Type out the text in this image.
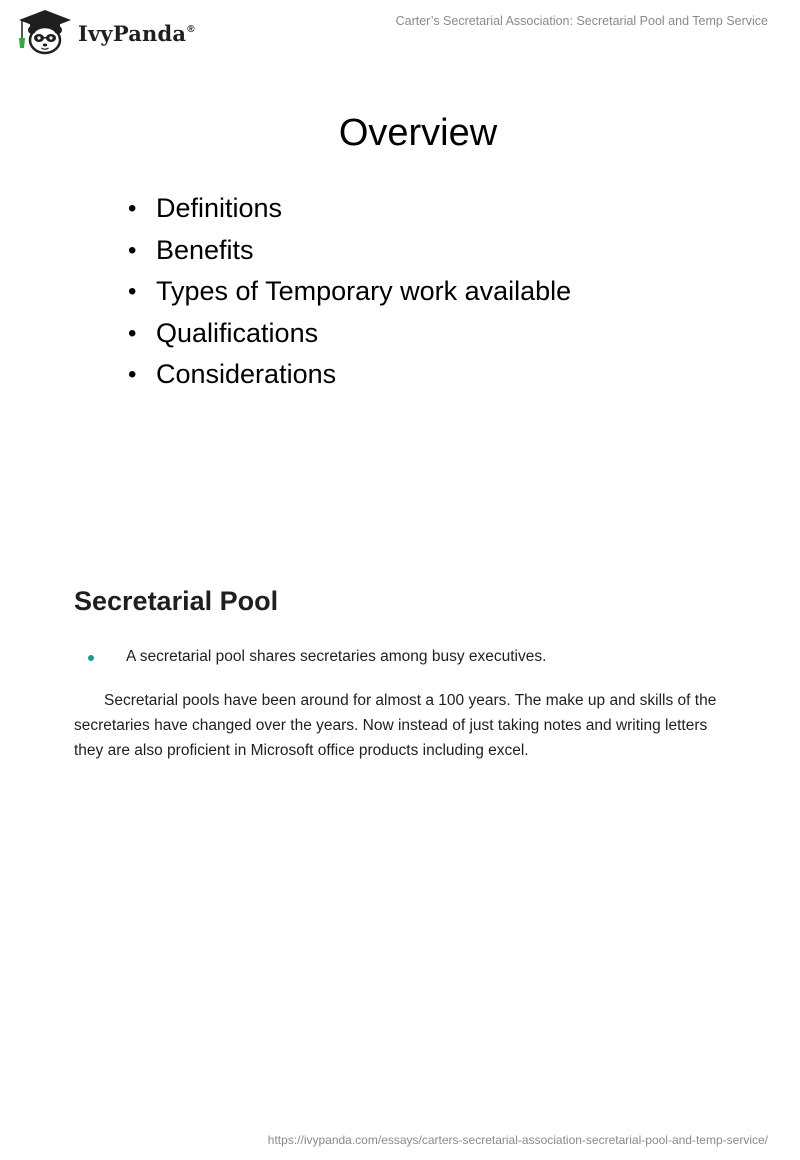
IvyPanda®
Carter’s Secretarial Association: Secretarial Pool and Temp Service
Overview
• Definitions
• Benefits
• Types of Temporary work available
• Qualifications
• Considerations
Secretarial Pool
A secretarial pool shares secretaries among busy executives.

Secretarial pools have been around for almost a 100 years. The make up and skills of the secretaries have changed over the years. Now instead of just taking notes and writing letters they are also proficient in Microsoft office products including excel.

https://ivypanda.com/essays/carters-secretarial-association-secretarial-pool-and-temp-service/
